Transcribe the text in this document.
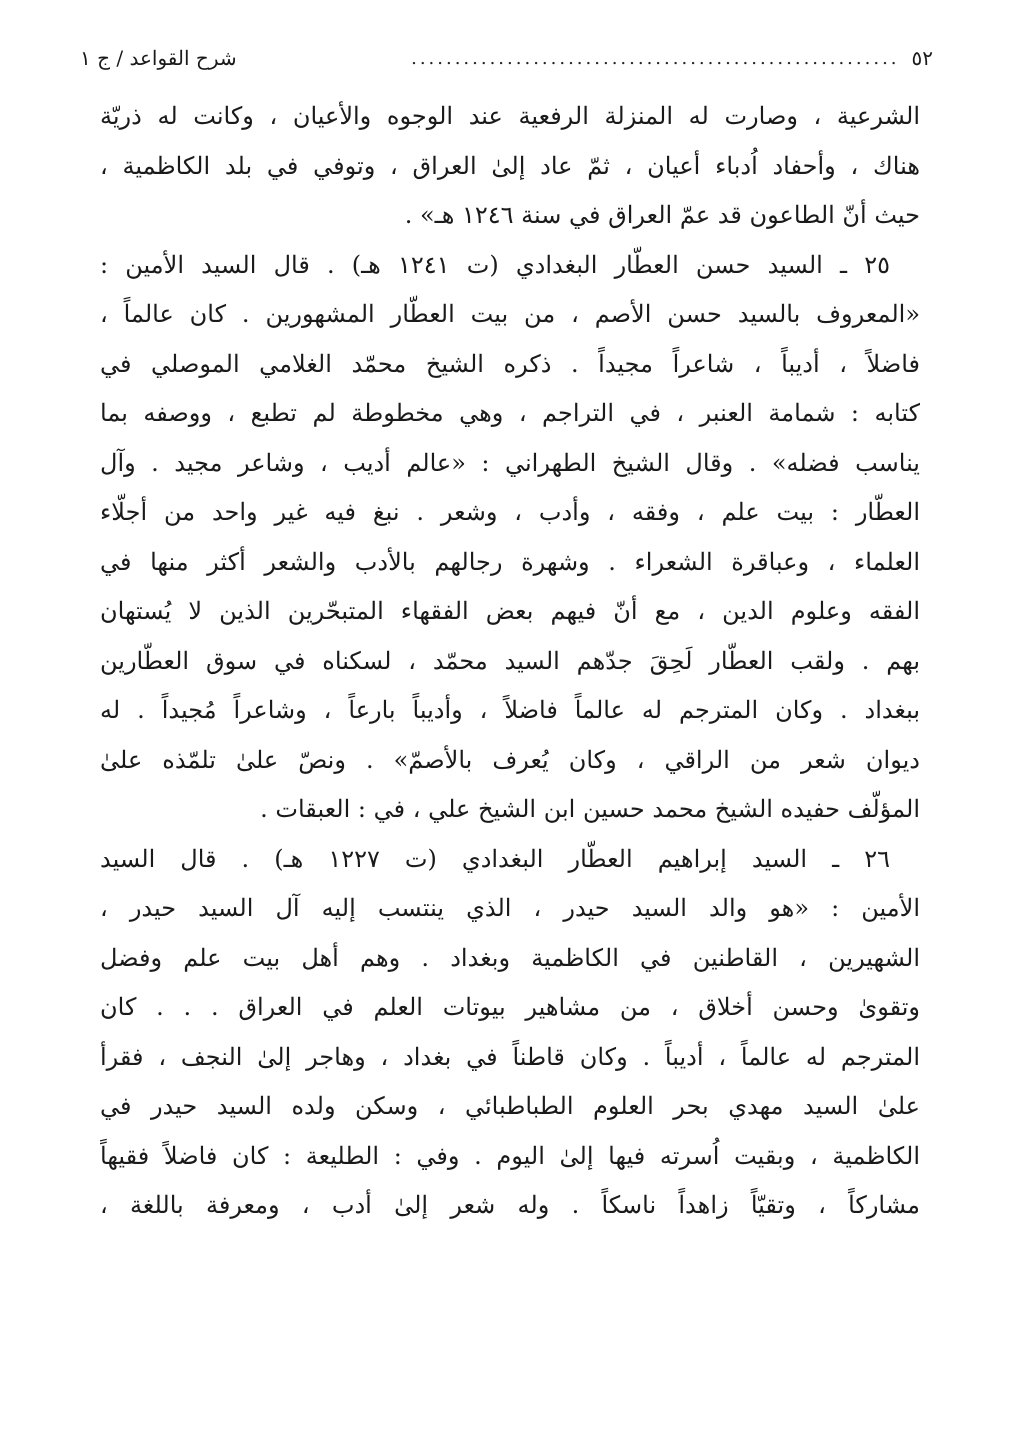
٥٢
........................................................
شرح القواعد / ج ١
الشرعية ، وصارت له المنزلة الرفعية عند الوجوه والأعيان ، وكانت له ذريّة
هناك ، وأحفاد اُدباء أعيان ، ثمّ عاد إلىٰ العراق ، وتوفي في بلد الكاظمية ،
حيث أنّ الطاعون قد عمّ العراق في سنة ١٢٤٦ هـ» .
٢٥ ـ السيد حسن العطّار البغدادي (ت ١٢٤١ هـ) . قال السيد الأمين :
«المعروف بالسيد حسن الأصم ، من بيت العطّار المشهورين . كان عالماً ،
فاضلاً ، أديباً ، شاعراً مجيداً . ذكره الشيخ محمّد الغلامي الموصلي في
كتابه : شمامة العنبر ، في التراجم ، وهي مخطوطة لم تطبع ، ووصفه بما
يناسب فضله» . وقال الشيخ الطهراني : «عالم أديب ، وشاعر مجيد . وآل
العطّار : بيت علم ، وفقه ، وأدب ، وشعر . نبغ فيه غير واحد من أجلّاء
العلماء ، وعباقرة الشعراء . وشهرة رجالهم بالأدب والشعر أكثر منها في
الفقه وعلوم الدين ، مع أنّ فيهم بعض الفقهاء المتبحّرين الذين لا يُستهان
بهم . ولقب العطّار لَحِقَ جدّهم السيد محمّد ، لسكناه في سوق العطّارين
ببغداد . وكان المترجم له عالماً فاضلاً ، وأديباً بارعاً ، وشاعراً مُجيداً . له
ديوان شعر من الراقي ، وكان يُعرف بالأصمّ» . ونصّ علىٰ تلمّذه علىٰ
المؤلّف حفيده الشيخ محمد حسين ابن الشيخ علي ، في : العبقات .
٢٦ ـ السيد إبراهيم العطّار البغدادي (ت ١٢٢٧ هـ) . قال السيد
الأمين : «هو والد السيد حيدر ، الذي ينتسب إليه آل السيد حيدر ،
الشهيرين ، القاطنين في الكاظمية وبغداد . وهم أهل بيت علم وفضل
وتقوىٰ وحسن أخلاق ، من مشاهير بيوتات العلم في العراق . . . كان
المترجم له عالماً ، أديباً . وكان قاطناً في بغداد ، وهاجر إلىٰ النجف ، فقرأ
علىٰ السيد مهدي بحر العلوم الطباطبائي ، وسكن ولده السيد حيدر في
الكاظمية ، وبقيت اُسرته فيها إلىٰ اليوم . وفي : الطليعة : كان فاضلاً فقيهاً
مشاركاً ، وتقيّاً زاهداً ناسكاً . وله شعر إلىٰ أدب ، ومعرفة باللغة ،
